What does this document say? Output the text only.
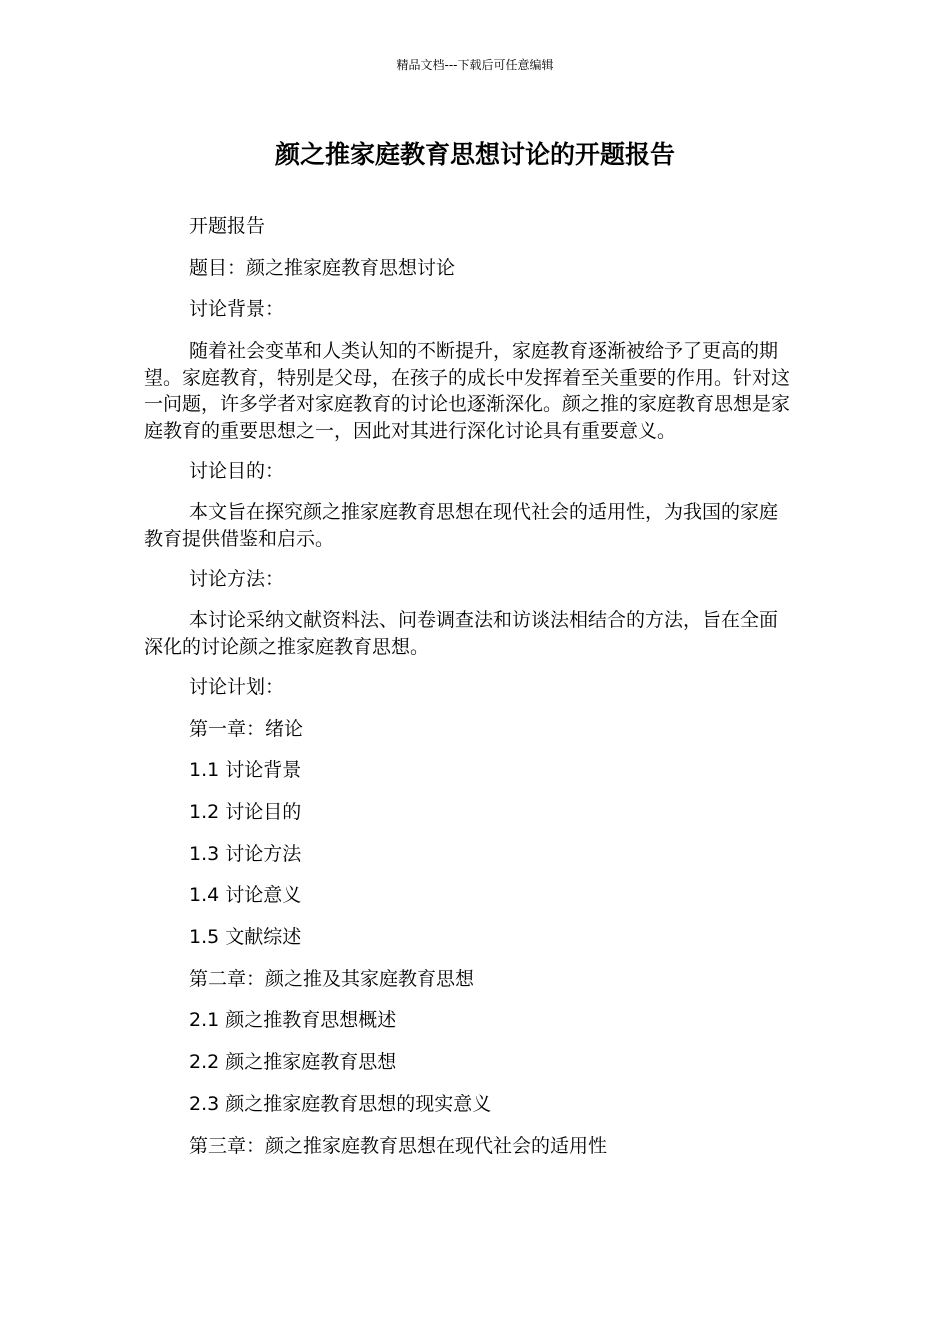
精品文档---下载后可任意编辑
颜之推家庭教育思想讨论的开题报告

开题报告

题目：颜之推家庭教育思想讨论

讨论背景：

随着社会变革和人类认知的不断提升，家庭教育逐渐被给予了更高的期望。家庭教育，特别是父母，在孩子的成长中发挥着至关重要的作用。针对这一问题，许多学者对家庭教育的讨论也逐渐深化。颜之推的家庭教育思想是家庭教育的重要思想之一，因此对其进行深化讨论具有重要意义。

讨论目的：

本文旨在探究颜之推家庭教育思想在现代社会的适用性，为我国的家庭教育提供借鉴和启示。

讨论方法：

本讨论采纳文献资料法、问卷调查法和访谈法相结合的方法，旨在全面深化的讨论颜之推家庭教育思想。

讨论计划：

第一章：绪论

1.1 讨论背景

1.2 讨论目的

1.3 讨论方法

1.4 讨论意义

1.5 文献综述

第二章：颜之推及其家庭教育思想

2.1 颜之推教育思想概述

2.2 颜之推家庭教育思想

2.3 颜之推家庭教育思想的现实意义

第三章：颜之推家庭教育思想在现代社会的适用性
